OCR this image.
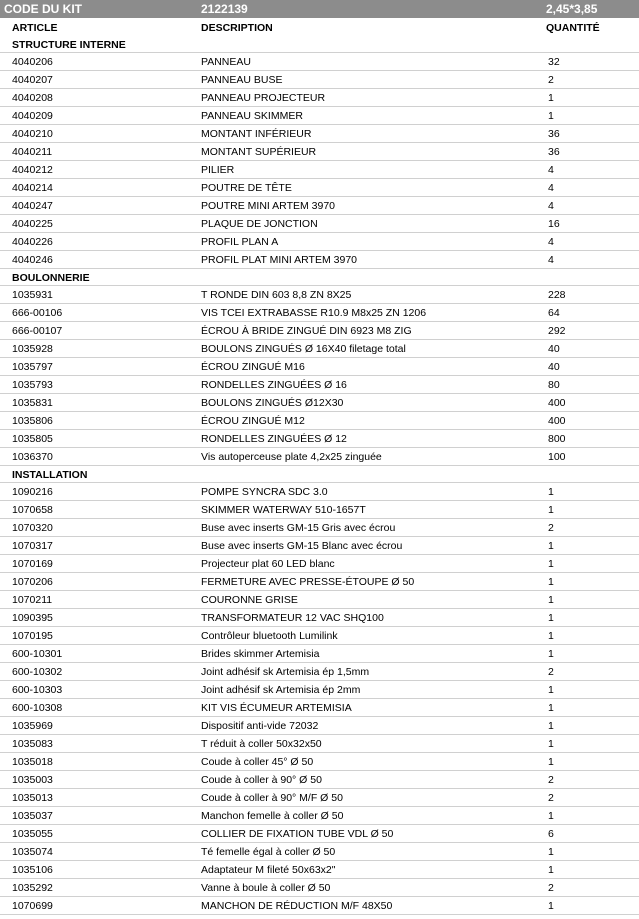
CODE DU KIT	2122139	2,45*3,85
ARTICLE	DESCRIPTION	QUANTITÉ
STRUCTURE INTERNE
4040206	PANNEAU	32
4040207	PANNEAU BUSE	2
4040208	PANNEAU PROJECTEUR	1
4040209	PANNEAU SKIMMER	1
4040210	MONTANT INFÉRIEUR	36
4040211	MONTANT SUPÉRIEUR	36
4040212	PILIER	4
4040214	POUTRE DE TÊTE	4
4040247	POUTRE MINI ARTEM 3970	4
4040225	PLAQUE DE JONCTION	16
4040226	PROFIL PLAN A	4
4040246	PROFIL PLAT MINI ARTEM 3970	4
BOULONNERIE
1035931	T RONDE DIN 603 8,8 ZN 8X25	228
666-00106	VIS TCEI EXTRABASSE R10.9 M8x25 ZN 1206	64
666-00107	ÉCROU À BRIDE ZINGUÉ DIN 6923 M8 ZIG	292
1035928	BOULONS ZINGUÉS Ø 16X40 filetage total	40
1035797	ÉCROU ZINGUÉ M16	40
1035793	RONDELLES ZINGUÉES Ø 16	80
1035831	BOULONS ZINGUÉS Ø12X30	400
1035806	ÉCROU ZINGUÉ M12	400
1035805	RONDELLES ZINGUÉES Ø 12	800
1036370	Vis autoperceuse plate 4,2x25 zinguée	100
INSTALLATION
1090216	POMPE SYNCRA SDC 3.0	1
1070658	SKIMMER WATERWAY 510-1657T	1
1070320	Buse avec inserts GM-15 Gris avec écrou	2
1070317	Buse avec inserts GM-15 Blanc avec écrou	1
1070169	Projecteur plat 60 LED blanc	1
1070206	FERMETURE AVEC PRESSE-ÉTOUPE Ø 50	1
1070211	COURONNE GRISE	1
1090395	TRANSFORMATEUR 12 VAC SHQ100	1
1070195	Contrôleur bluetooth Lumilink	1
600-10301	Brides skimmer Artemisia	1
600-10302	Joint adhésif sk Artemisia ép 1,5mm	2
600-10303	Joint adhésif sk Artemisia ép 2mm	1
600-10308	KIT VIS ÉCUMEUR ARTEMISIA	1
1035969	Dispositif anti-vide 72032	1
1035083	T réduit à coller 50x32x50	1
1035018	Coude à coller 45° Ø 50	1
1035003	Coude à coller à 90° Ø 50	2
1035013	Coude à coller à 90° M/F Ø 50	2
1035037	Manchon femelle à coller Ø 50	1
1035055	COLLIER DE FIXATION TUBE VDL Ø 50	6
1035074	Té femelle égal à coller Ø 50	1
1035106	Adaptateur M fileté 50x63x2"	1
1035292	Vanne à boule à coller Ø 50	2
1070699	MANCHON DE RÉDUCTION M/F 48X50	1
